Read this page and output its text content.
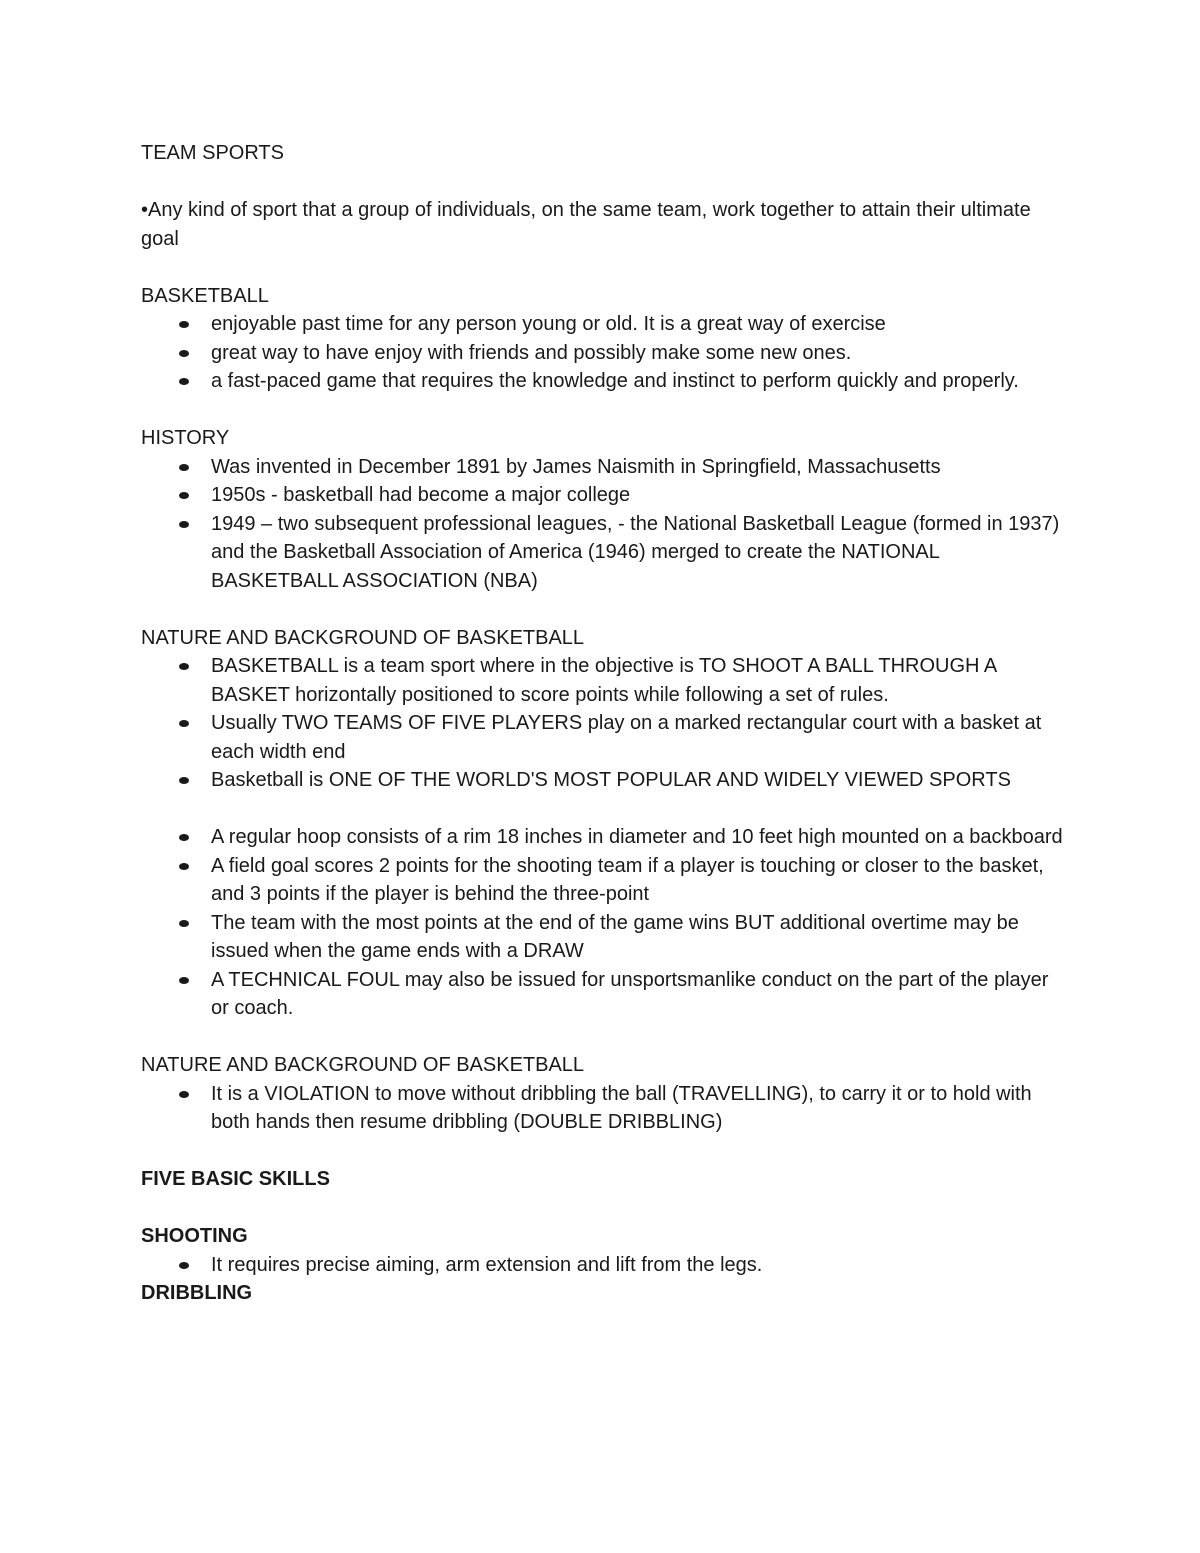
TEAM SPORTS

•Any kind of sport that a group of individuals, on the same team, work together to attain their ultimate goal

BASKETBALL

enjoyable past time for any person young or old. It is a great way of exercise
great way to have enjoy with friends and possibly make some new ones.
a fast-paced game that requires the knowledge and instinct to perform quickly and properly.

HISTORY

Was invented in December 1891 by James Naismith in Springfield, Massachusetts
1950s - basketball had become a major college
1949 – two subsequent professional leagues, - the National Basketball League (formed in 1937) and the Basketball Association of America (1946) merged to create the NATIONAL BASKETBALL ASSOCIATION (NBA)

NATURE AND BACKGROUND OF BASKETBALL

BASKETBALL is a team sport where in the objective is TO SHOOT A BALL THROUGH A BASKET horizontally positioned to score points while following a set of rules.
Usually TWO TEAMS OF FIVE PLAYERS play on a marked rectangular court with a basket at each width end
Basketball is ONE OF THE WORLD'S MOST POPULAR AND WIDELY VIEWED SPORTS
A regular hoop consists of a rim 18 inches in diameter and 10 feet high mounted on a backboard
A field goal scores 2 points for the shooting team if a player is touching or closer to the basket, and 3 points if the player is behind the three-point
The team with the most points at the end of the game wins BUT additional overtime may be issued when the game ends with a DRAW
A TECHNICAL FOUL may also be issued for unsportsmanlike conduct on the part of the player or coach.

NATURE AND BACKGROUND OF BASKETBALL

It is a VIOLATION to move without dribbling the ball (TRAVELLING), to carry it or to hold with both hands then resume dribbling (DOUBLE DRIBBLING)

FIVE BASIC SKILLS

SHOOTING

It requires precise aiming, arm extension and lift from the legs.

DRIBBLING
